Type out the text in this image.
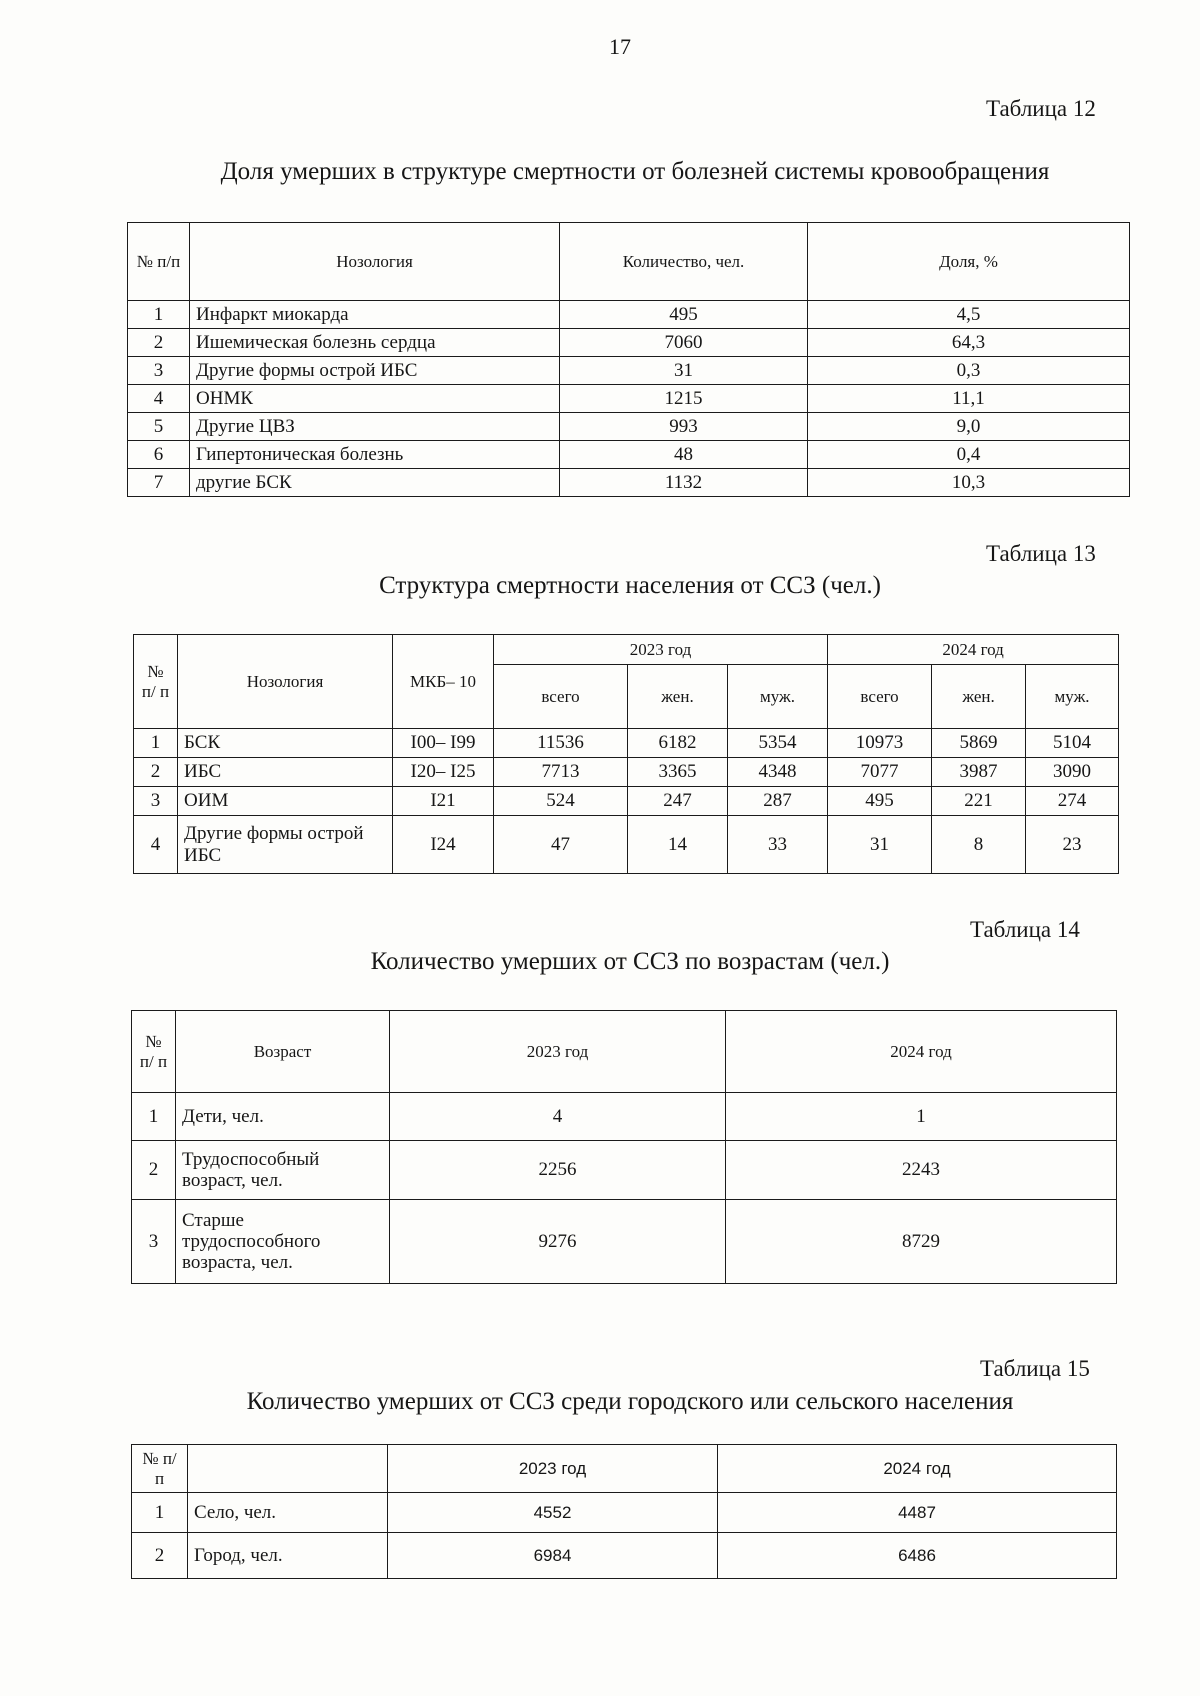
17
Таблица 12
Доля умерших в структуре смертности от болезней системы кровообращения
№ п/п	Нозология	Количество, чел.	Доля, %
1	Инфаркт миокарда	495	4,5
2	Ишемическая болезнь сердца	7060	64,3
3	Другие формы острой ИБС	31	0,3
4	ОНМК	1215	11,1
5	Другие ЦВЗ	993	9,0
6	Гипертоническая болезнь	48	0,4
7	другие БСК	1132	10,3
Таблица 13
Структура смертности населения от ССЗ (чел.)
№ п/ п	Нозология	МКБ– 10	2023 год			2024 год		
			всего	жен.	муж.	всего	жен.	муж.
1	БСК	I00– I99	11536	6182	5354	10973	5869	5104
2	ИБС	I20– I25	7713	3365	4348	7077	3987	3090
3	ОИМ	I21	524	247	287	495	221	274
4	Другие формы острой ИБС	I24	47	14	33	31	8	23
Таблица 14
Количество умерших от ССЗ по возрастам (чел.)
№ п/ п	Возраст	2023 год	2024 год
1	Дети, чел.	4	1
2	Трудоспособный возраст, чел.	2256	2243
3	Старше трудоспособного возраста, чел.	9276	8729
Таблица 15
Количество умерших от ССЗ среди городского или сельского населения
№ п/п		2023 год	2024 год
1	Село, чел.	4552	4487
2	Город, чел.	6984	6486
